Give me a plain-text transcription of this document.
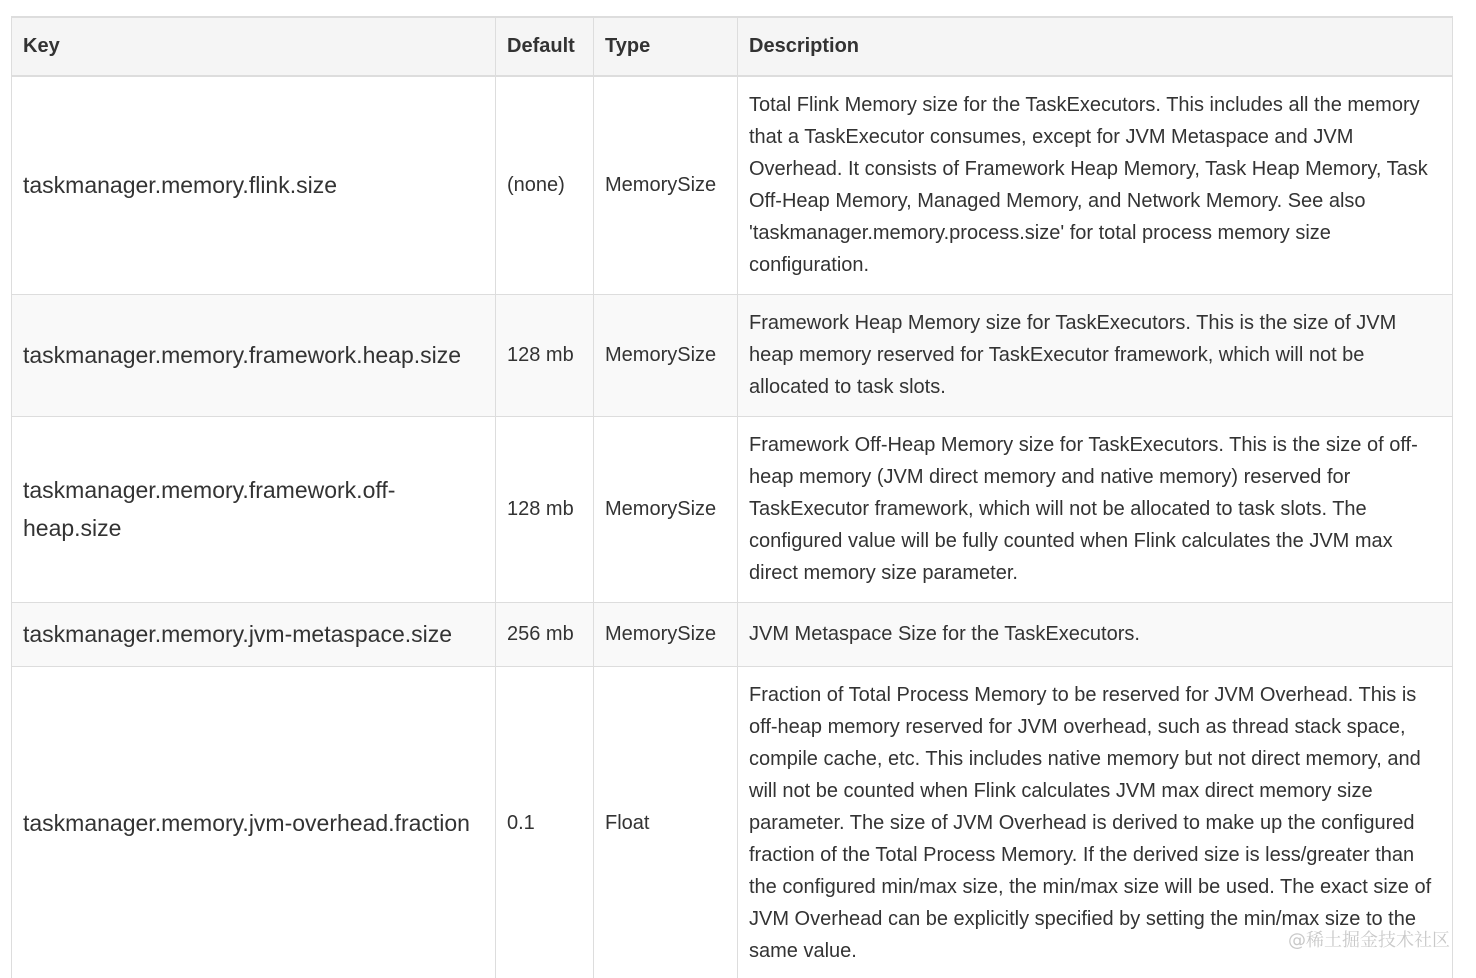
Key	Default	Type	Description
taskmanager.memory.flink.size	(none)	MemorySize	Total Flink Memory size for the TaskExecutors. This includes all the memory that a TaskExecutor consumes, except for JVM Metaspace and JVM Overhead. It consists of Framework Heap Memory, Task Heap Memory, Task Off-Heap Memory, Managed Memory, and Network Memory. See also 'taskmanager.memory.process.size' for total process memory size configuration.
taskmanager.memory.framework.heap.size	128 mb	MemorySize	Framework Heap Memory size for TaskExecutors. This is the size of JVM heap memory reserved for TaskExecutor framework, which will not be allocated to task slots.
taskmanager.memory.framework.off-heap.size	128 mb	MemorySize	Framework Off-Heap Memory size for TaskExecutors. This is the size of off-heap memory (JVM direct memory and native memory) reserved for TaskExecutor framework, which will not be allocated to task slots. The configured value will be fully counted when Flink calculates the JVM max direct memory size parameter.
taskmanager.memory.jvm-metaspace.size	256 mb	MemorySize	JVM Metaspace Size for the TaskExecutors.
taskmanager.memory.jvm-overhead.fraction	0.1	Float	Fraction of Total Process Memory to be reserved for JVM Overhead. This is off-heap memory reserved for JVM overhead, such as thread stack space, compile cache, etc. This includes native memory but not direct memory, and will not be counted when Flink calculates JVM max direct memory size parameter. The size of JVM Overhead is derived to make up the configured fraction of the Total Process Memory. If the derived size is less/greater than the configured min/max size, the min/max size will be used. The exact size of JVM Overhead can be explicitly specified by setting the min/max size to the same value.	@稀土掘金技术社区
